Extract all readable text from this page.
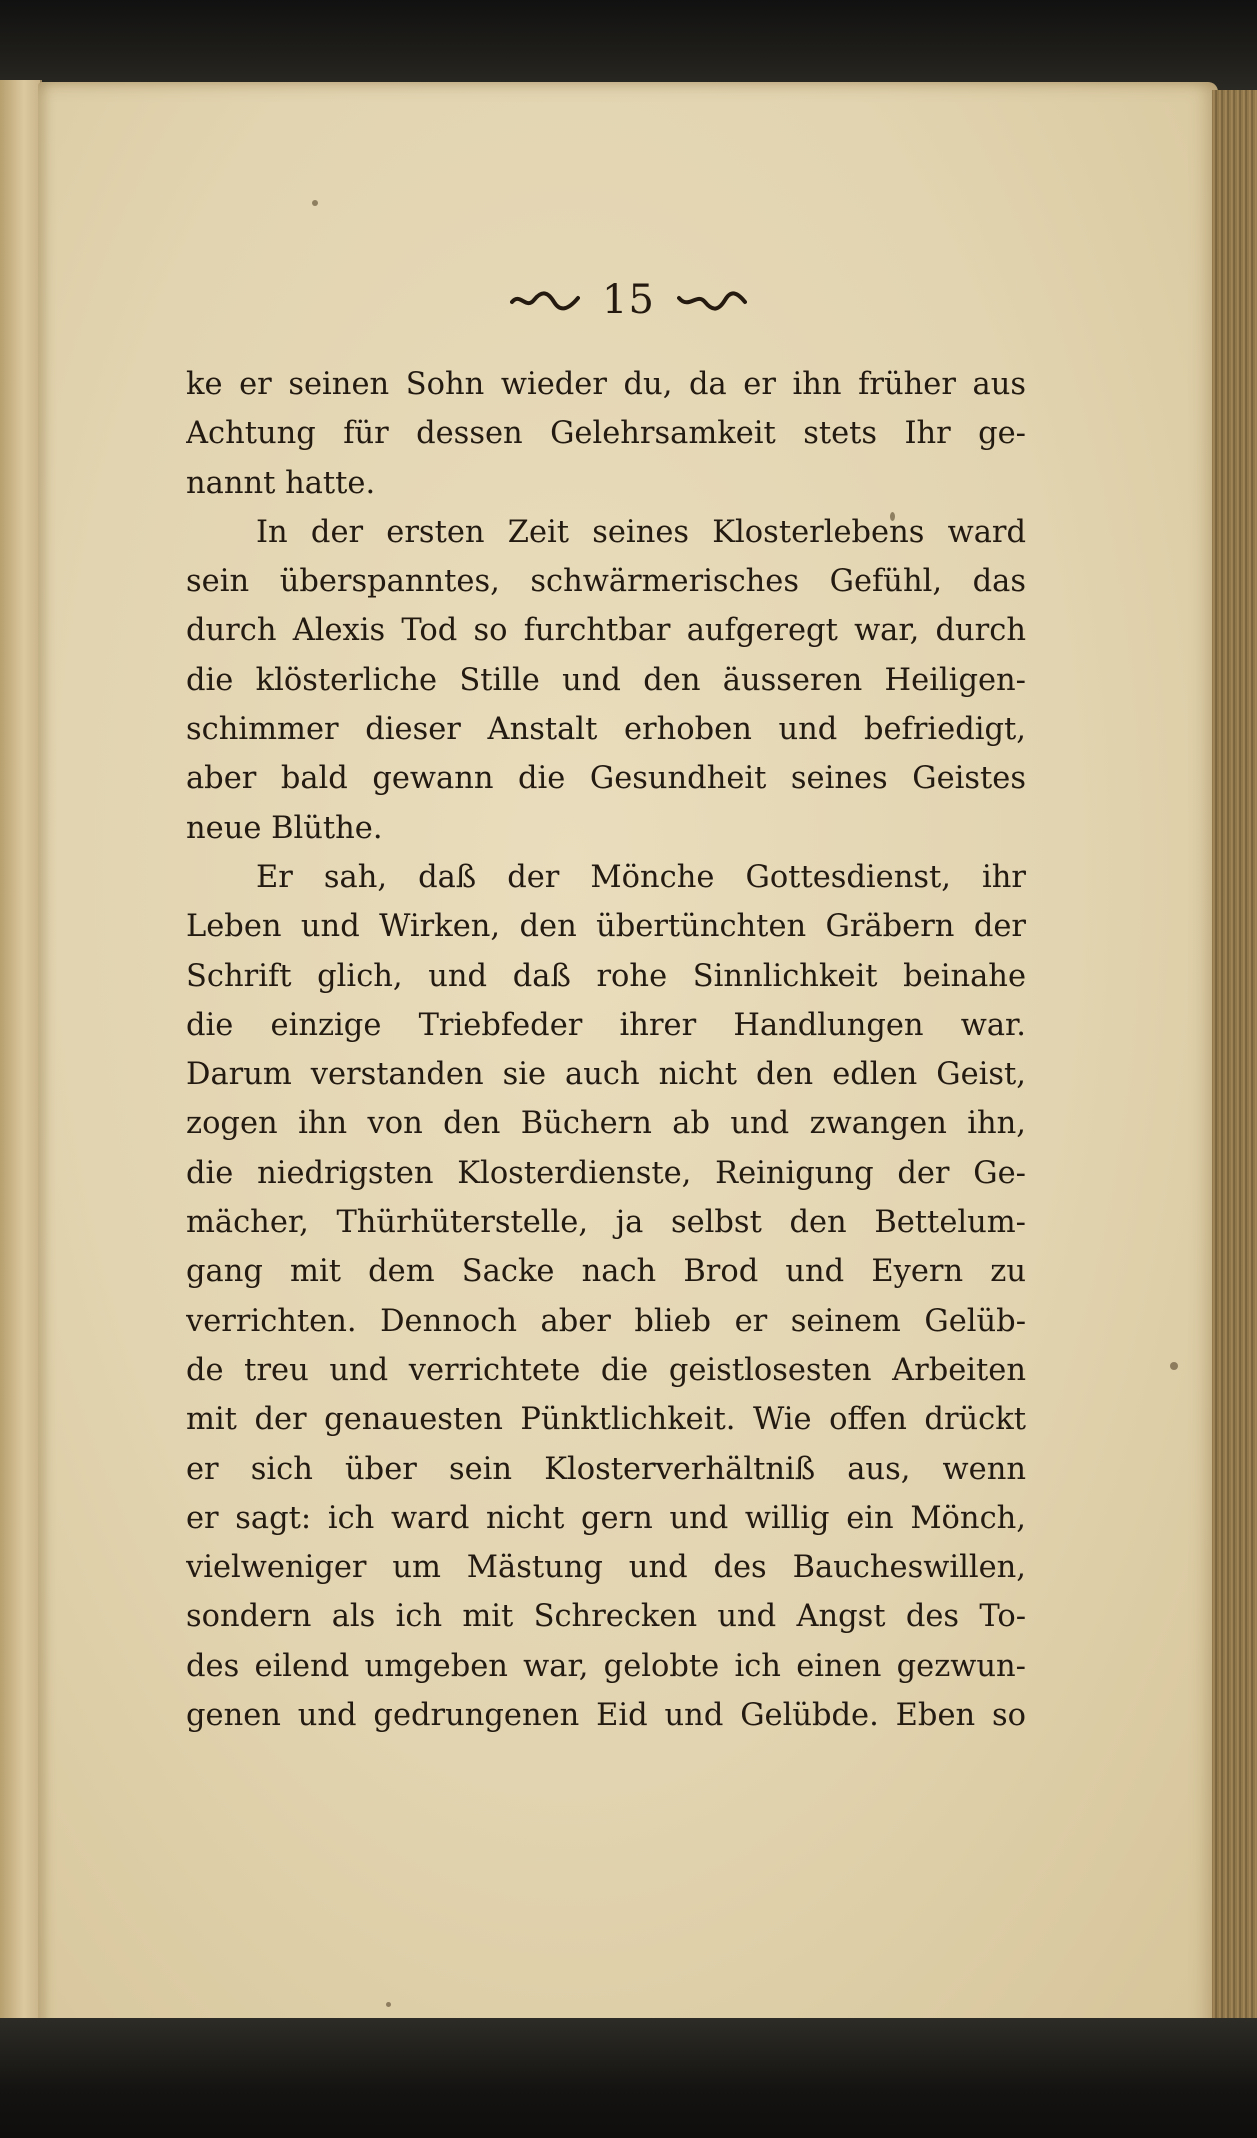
15
ke er seinen Sohn wieder du, da er ihn früher aus
Achtung für dessen Gelehrsamkeit stets Ihr ge-
nannt hatte.
In der ersten Zeit seines Klosterlebens ward
sein überspanntes, schwärmerisches Gefühl, das
durch Alexis Tod so furchtbar aufgeregt war, durch
die klösterliche Stille und den äusseren Heiligen-
schimmer dieser Anstalt erhoben und befriedigt,
aber bald gewann die Gesundheit seines Geistes
neue Blüthe.
Er sah, daß der Mönche Gottesdienst, ihr
Leben und Wirken, den übertünchten Gräbern der
Schrift glich, und daß rohe Sinnlichkeit beinahe
die einzige Triebfeder ihrer Handlungen war.
Darum verstanden sie auch nicht den edlen Geist,
zogen ihn von den Büchern ab und zwangen ihn,
die niedrigsten Klosterdienste, Reinigung der Ge-
mächer, Thürhüterstelle, ja selbst den Bettelum-
gang mit dem Sacke nach Brod und Eyern zu
verrichten. Dennoch aber blieb er seinem Gelüb-
de treu und verrichtete die geistlosesten Arbeiten
mit der genauesten Pünktlichkeit. Wie offen drückt
er sich über sein Klosterverhältniß aus, wenn
er sagt: ich ward nicht gern und willig ein Mönch,
vielweniger um Mästung und des Baucheswillen,
sondern als ich mit Schrecken und Angst des To-
des eilend umgeben war, gelobte ich einen gezwun-
genen und gedrungenen Eid und Gelübde. Eben so
